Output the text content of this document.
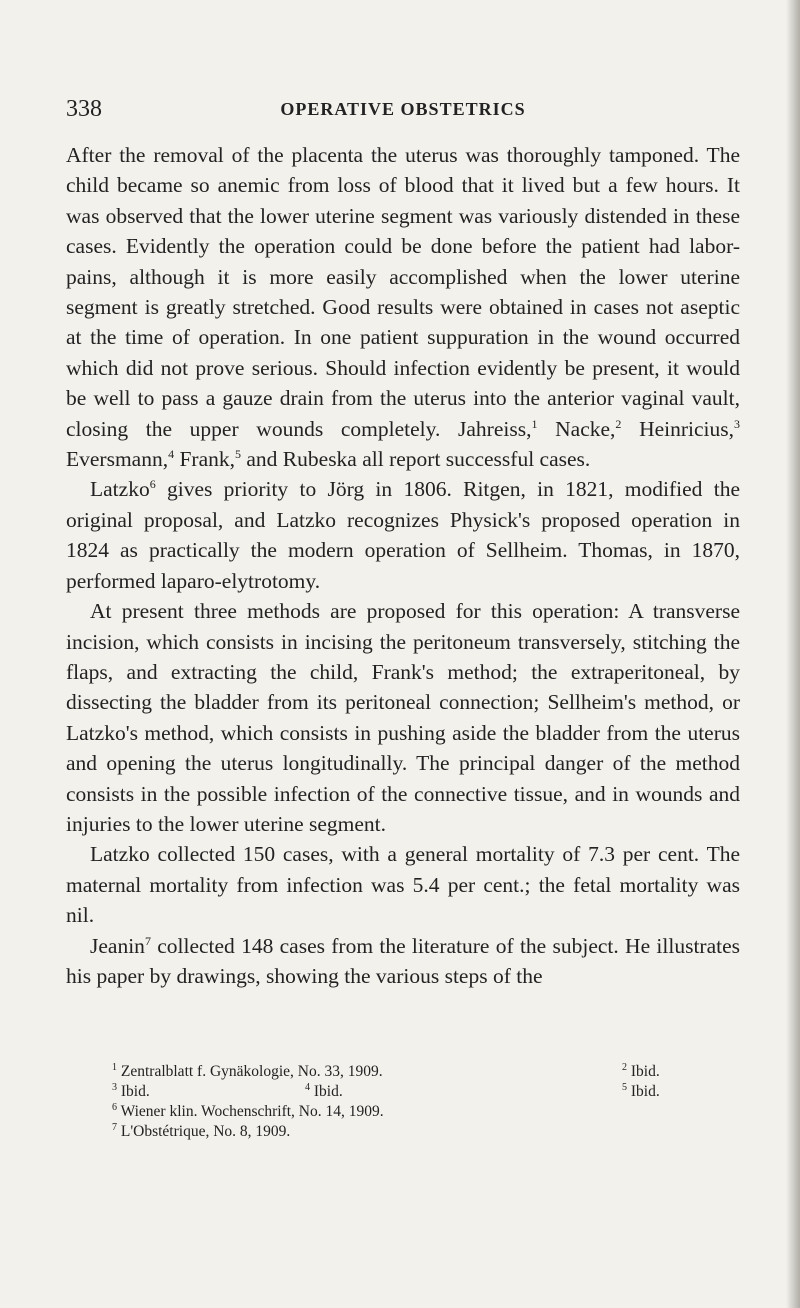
338	OPERATIVE OBSTETRICS

After the removal of the placenta the uterus was thoroughly tamponed. The child became so anemic from loss of blood that it lived but a few hours. It was observed that the lower uterine segment was variously distended in these cases. Evidently the operation could be done before the patient had labor-pains, although it is more easily accomplished when the lower uterine segment is greatly stretched. Good results were obtained in cases not aseptic at the time of operation. In one patient suppuration in the wound occurred which did not prove serious. Should infection evidently be present, it would be well to pass a gauze drain from the uterus into the anterior vaginal vault, closing the upper wounds completely. Jahreiss,$^1$ Nacke,$^2$ Heinricius,$^3$ Eversmann,$^4$ Frank,$^5$ and Rubeska all report successful cases.

Latzko$^6$ gives priority to Jörg in 1806. Ritgen, in 1821, modified the original proposal, and Latzko recognizes Physick's proposed operation in 1824 as practically the modern operation of Sellheim. Thomas, in 1870, performed laparo-elytrotomy.

At present three methods are proposed for this operation: A transverse incision, which consists in incising the peritoneum transversely, stitching the flaps, and extracting the child, Frank's method; the extraperitoneal, by dissecting the bladder from its peritoneal connection; Sellheim's method, or Latzko's method, which consists in pushing aside the bladder from the uterus and opening the uterus longitudinally. The principal danger of the method consists in the possible infection of the connective tissue, and in wounds and injuries to the lower uterine segment.

Latzko collected 150 cases, with a general mortality of 7.3 per cent. The maternal mortality from infection was 5.4 per cent.; the fetal mortality was nil.

Jeanin$^7$ collected 148 cases from the literature of the subject. He illustrates his paper by drawings, showing the various steps of the

$^1$ Zentralblatt f. Gynäkologie, No. 33, 1909.	$^2$ Ibid.
$^3$ Ibid.	$^4$ Ibid.	$^5$ Ibid.
$^6$ Wiener klin. Wochenschrift, No. 14, 1909.
$^7$ L'Obstétrique, No. 8, 1909.
